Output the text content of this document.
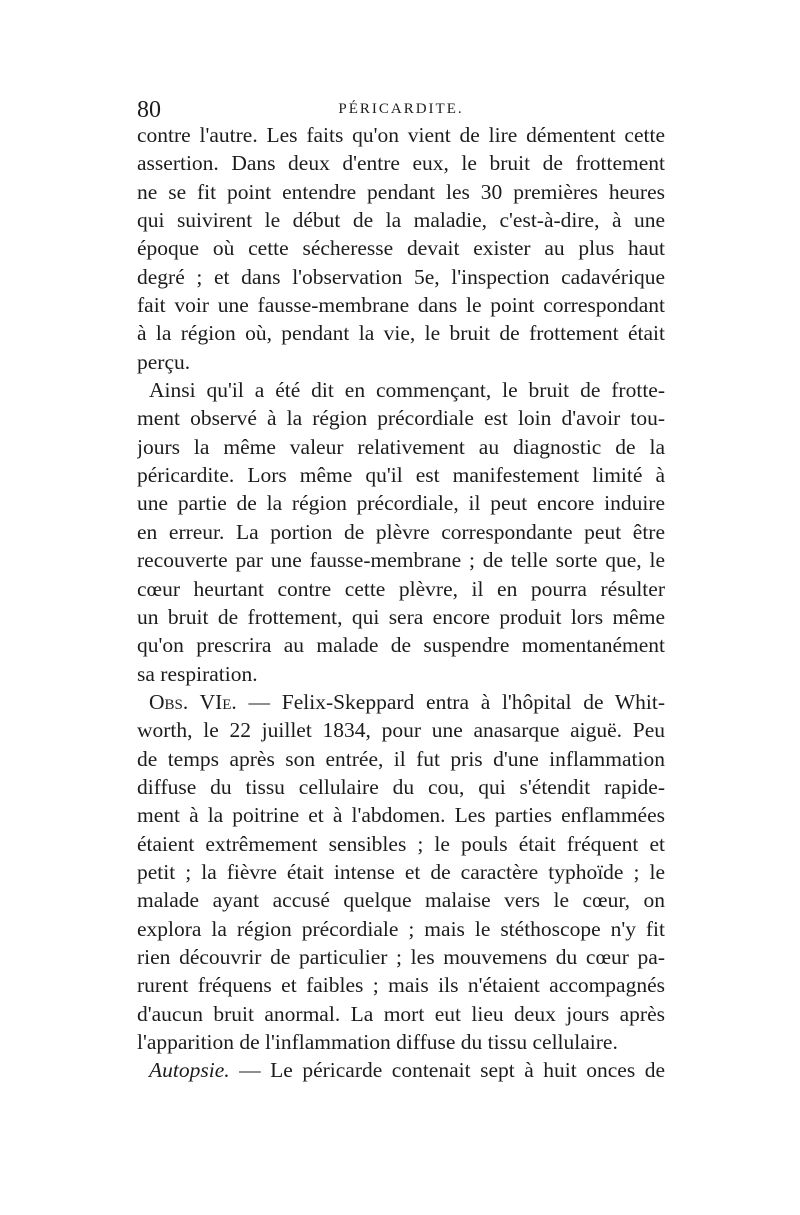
80	PÉRICARDITE.
contre l'autre. Les faits qu'on vient de lire démentent cette
assertion. Dans deux d'entre eux, le bruit de frottement
ne se fit point entendre pendant les 30 premières heures
qui suivirent le début de la maladie, c'est-à-dire, à une
époque où cette sécheresse devait exister au plus haut
degré ; et dans l'observation 5e, l'inspection cadavérique
fait voir une fausse-membrane dans le point correspondant
à la région où, pendant la vie, le bruit de frottement était
perçu.
Ainsi qu'il a été dit en commençant, le bruit de frotte-
ment observé à la région précordiale est loin d'avoir tou-
jours la même valeur relativement au diagnostic de la
péricardite. Lors même qu'il est manifestement limité à
une partie de la région précordiale, il peut encore induire
en erreur. La portion de plèvre correspondante peut être
recouverte par une fausse-membrane ; de telle sorte que, le
cœur heurtant contre cette plèvre, il en pourra résulter
un bruit de frottement, qui sera encore produit lors même
qu'on prescrira au malade de suspendre momentanément
sa respiration.
Obs. VIe. — Felix-Skeppard entra à l'hôpital de Whit-
worth, le 22 juillet 1834, pour une anasarque aiguë. Peu
de temps après son entrée, il fut pris d'une inflammation
diffuse du tissu cellulaire du cou, qui s'étendit rapide-
ment à la poitrine et à l'abdomen. Les parties enflammées
étaient extrêmement sensibles ; le pouls était fréquent et
petit ; la fièvre était intense et de caractère typhoïde ; le
malade ayant accusé quelque malaise vers le cœur, on
explora la région précordiale ; mais le stéthoscope n'y fit
rien découvrir de particulier ; les mouvemens du cœur pa-
rurent fréquens et faibles ; mais ils n'étaient accompagnés
d'aucun bruit anormal. La mort eut lieu deux jours après
l'apparition de l'inflammation diffuse du tissu cellulaire.
Autopsie. — Le péricarde contenait sept à huit onces de
